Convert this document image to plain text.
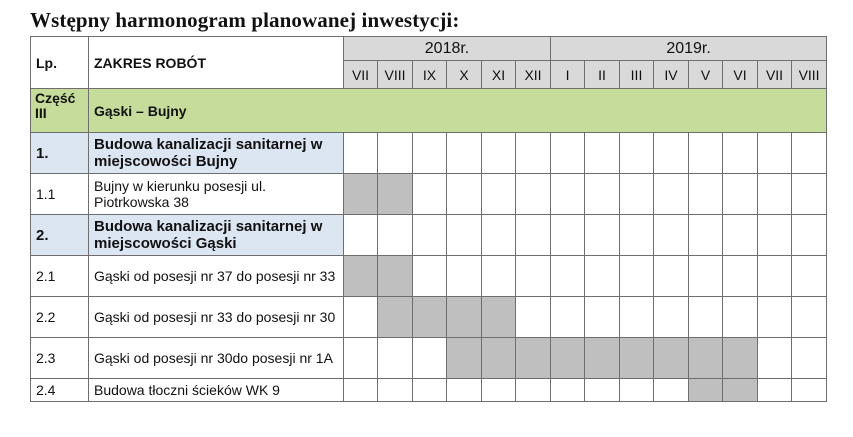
Wstępny harmonogram planowanej inwestycji:
Lp.	ZAKRES ROBÓT	2018r.						2019r.							
		VII	VIII	IX	X	XI	XII	I	II	III	IV	V	VI	VII	VIII
Część III	Gąski – Bujny														
1.	Budowa kanalizacji sanitarnej w miejscowości Bujny														
1.1	Bujny w kierunku posesji ul. Piotrkowska 38														
2.	Budowa kanalizacji sanitarnej w miejscowości Gąski														
2.1	Gąski od posesji nr 37 do posesji nr 33														
2.2	Gąski od posesji nr 33 do posesji nr 30														
2.3	Gąski od posesji nr 30do posesji nr 1A														
2.4	Budowa tłoczni ścieków WK 9														
